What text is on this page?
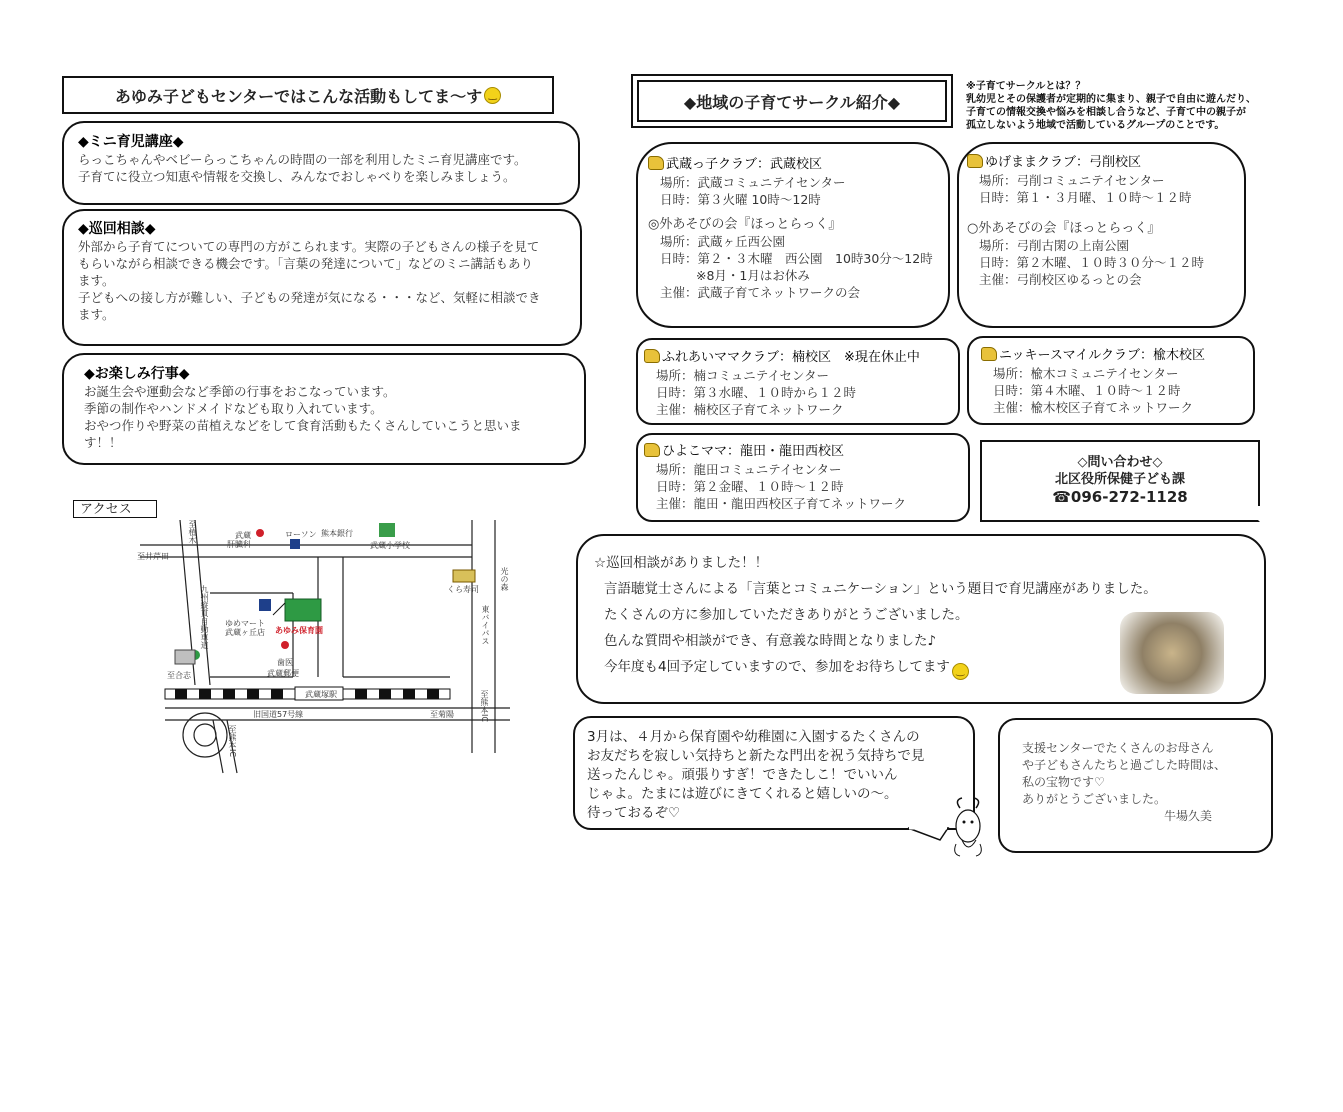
あゆみ子どもセンターではこんな活動もしてま～す ‿
◆ミニ育児講座◆
らっこちゃんやベビーらっこちゃんの時間の一部を利用したミニ育児講座です。
子育てに役立つ知恵や情報を交換し、みんなでおしゃべりを楽しみましょう。
◆巡回相談◆
外部から子育てについての専門の方がこられます。実際の子どもさんの様子を見て
もらいながら相談できる機会です。「言葉の発達について」などのミニ講話もあり
ます。
子どもへの接し方が難しい、子どもの発達が気になる・・・など、気軽に相談でき
ます。
◆お楽しみ行事◆
お誕生会や運動会など季節の行事をおこなっています。
季節の制作やハンドメイドなども取り入れています。
おやつ作りや野菜の苗植えなどをして食育活動もたくさんしていこうと思いま
す！！
アクセス
至植木
至井芹田
武蔵
肝臓科
ローソン 熊本銀行
武蔵小学校
くら寿司	光の森
東バイパス
九州縦貫自動車道 ゆめマート
武蔵ヶ丘店 あゆみ保育園
歯医
武蔵郵便
武蔵塚駅
旧国道57号線
至熊本IC
至熊本IC
至菊陽
至合志
◆地域の子育てサークル紹介◆
※子育てサークルとは？？
乳幼児とその保護者が定期的に集まり、親子で自由に遊んだり、
子育ての情報交換や悩みを相談し合うなど、子育て中の親子が
孤立しないよう地域で活動しているグループのことです。
武蔵っ子クラブ：武蔵校区
場所：武蔵コミュニテイセンター
日時：第３火曜 10時～12時
◎外あそびの会『ほっとらっく』
場所：武蔵ヶ丘西公園
日時：第２・３木曜　西公園　10時30分～12時
※8月・1月はお休み
主催：武蔵子育てネットワークの会
ゆげままクラブ：弓削校区
場所：弓削コミュニテイセンター
日時：第１・３月曜、１０時～１２時
○外あそびの会『ほっとらっく』
場所：弓削古閑の上南公園
日時：第２木曜、１０時３０分～１２時
主催：弓削校区ゆるっとの会
ふれあいママクラブ：楠校区　※現在休止中
場所：楠コミュニテイセンター
日時：第３水曜、１０時から１２時
主催：楠校区子育てネットワーク
ニッキースマイルクラブ：楡木校区
場所：楡木コミュニテイセンター
日時：第４木曜、１０時～１２時
主催：楡木校区子育てネットワーク
ひよこママ：龍田・龍田西校区
場所：龍田コミュニテイセンター
日時：第２金曜、１０時～１２時
主催：龍田・龍田西校区子育てネットワーク
◇問い合わせ◇
北区役所保健子ども課
☎096-272-1128
☆巡回相談がありました！！
言語聴覚士さんによる「言葉とコミュニケーション」という題目で育児講座がありました。
たくさんの方に参加していただきありがとうございました。
色んな質問や相談ができ、有意義な時間となりました♪
今年度も4回予定していますので、参加をお待ちしてます ‿
3月は、４月から保育園や幼稚園に入園するたくさんの
お友だちを寂しい気持ちと新たな門出を祝う気持ちで見
送ったんじゃ。頑張りすぎ！できたしこ！でいいん
じゃよ。たまには遊びにきてくれると嬉しいの～。
待っておるぞ♡
支援センターでたくさんのお母さん
や子どもさんたちと過ごした時間は、
私の宝物です♡
ありがとうございました。
牛場久美
